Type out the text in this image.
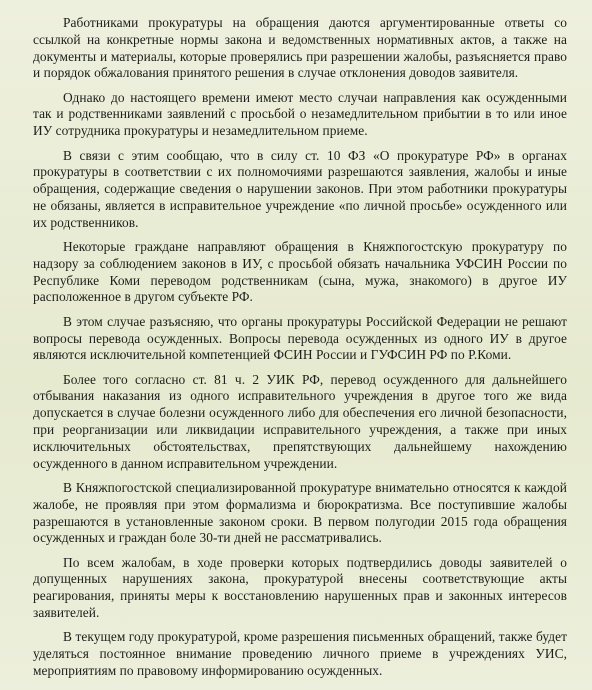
Работниками прокуратуры на обращения даются аргументированные ответы со ссылкой на конкретные нормы закона и ведомственных нормативных актов, а также на документы и материалы, которые проверялись при разрешении жалобы, разъясняется право и порядок обжалования принятого решения в случае отклонения доводов заявителя.

Однако до настоящего времени имеют место случаи направления как осужденными так и родственниками заявлений с просьбой о незамедлительном прибытии в то или иное ИУ сотрудника прокуратуры и незамедлительном приеме.

В связи с этим сообщаю, что в силу ст. 10 ФЗ «О прокуратуре РФ» в органах прокуратуры в соответствии с их полномочиями разрешаются заявления, жалобы и иные обращения, содержащие сведения о нарушении законов. При этом работники прокуратуры не обязаны, является в исправительное учреждение «по личной просьбе» осужденного или их родственников.

Некоторые граждане направляют обращения в Княжпогостскую прокуратуру по надзору за соблюдением законов в ИУ, с просьбой обязать начальника УФСИН России по Республике Коми переводом родственникам (сына, мужа, знакомого) в другое ИУ расположенное в другом субъекте РФ.

В этом случае разъясняю, что органы прокуратуры Российской Федерации не решают вопросы перевода осужденных. Вопросы перевода осужденных из одного ИУ в другое являются исключительной компетенцией ФСИН России и ГУФСИН РФ по Р.Коми.

Более того согласно ст. 81 ч. 2 УИК РФ, перевод осужденного для дальнейшего отбывания наказания из одного исправительного учреждения в другое того же вида допускается в случае болезни осужденного либо для обеспечения его личной безопасности, при реорганизации или ликвидации исправительного учреждения, а также при иных исключительных обстоятельствах, препятствующих дальнейшему нахождению осужденного в данном исправительном учреждении.

В Княжпогостской специализированной прокуратуре внимательно относятся к каждой жалобе, не проявляя при этом формализма и бюрократизма. Все поступившие жалобы разрешаются в установленные законом сроки. В первом полугодии 2015 года обращения осужденных и граждан боле 30-ти дней не рассматривались.

По всем жалобам, в ходе проверки которых подтвердились доводы заявителей о допущенных нарушениях закона, прокуратурой внесены соответствующие акты реагирования, приняты меры к восстановлению нарушенных прав и законных интересов заявителей.

В текущем году прокуратурой, кроме разрешения письменных обращений, также будет уделяться постоянное внимание проведению личного приеме в учреждениях УИС, мероприятиям по правовому информированию осужденных.
